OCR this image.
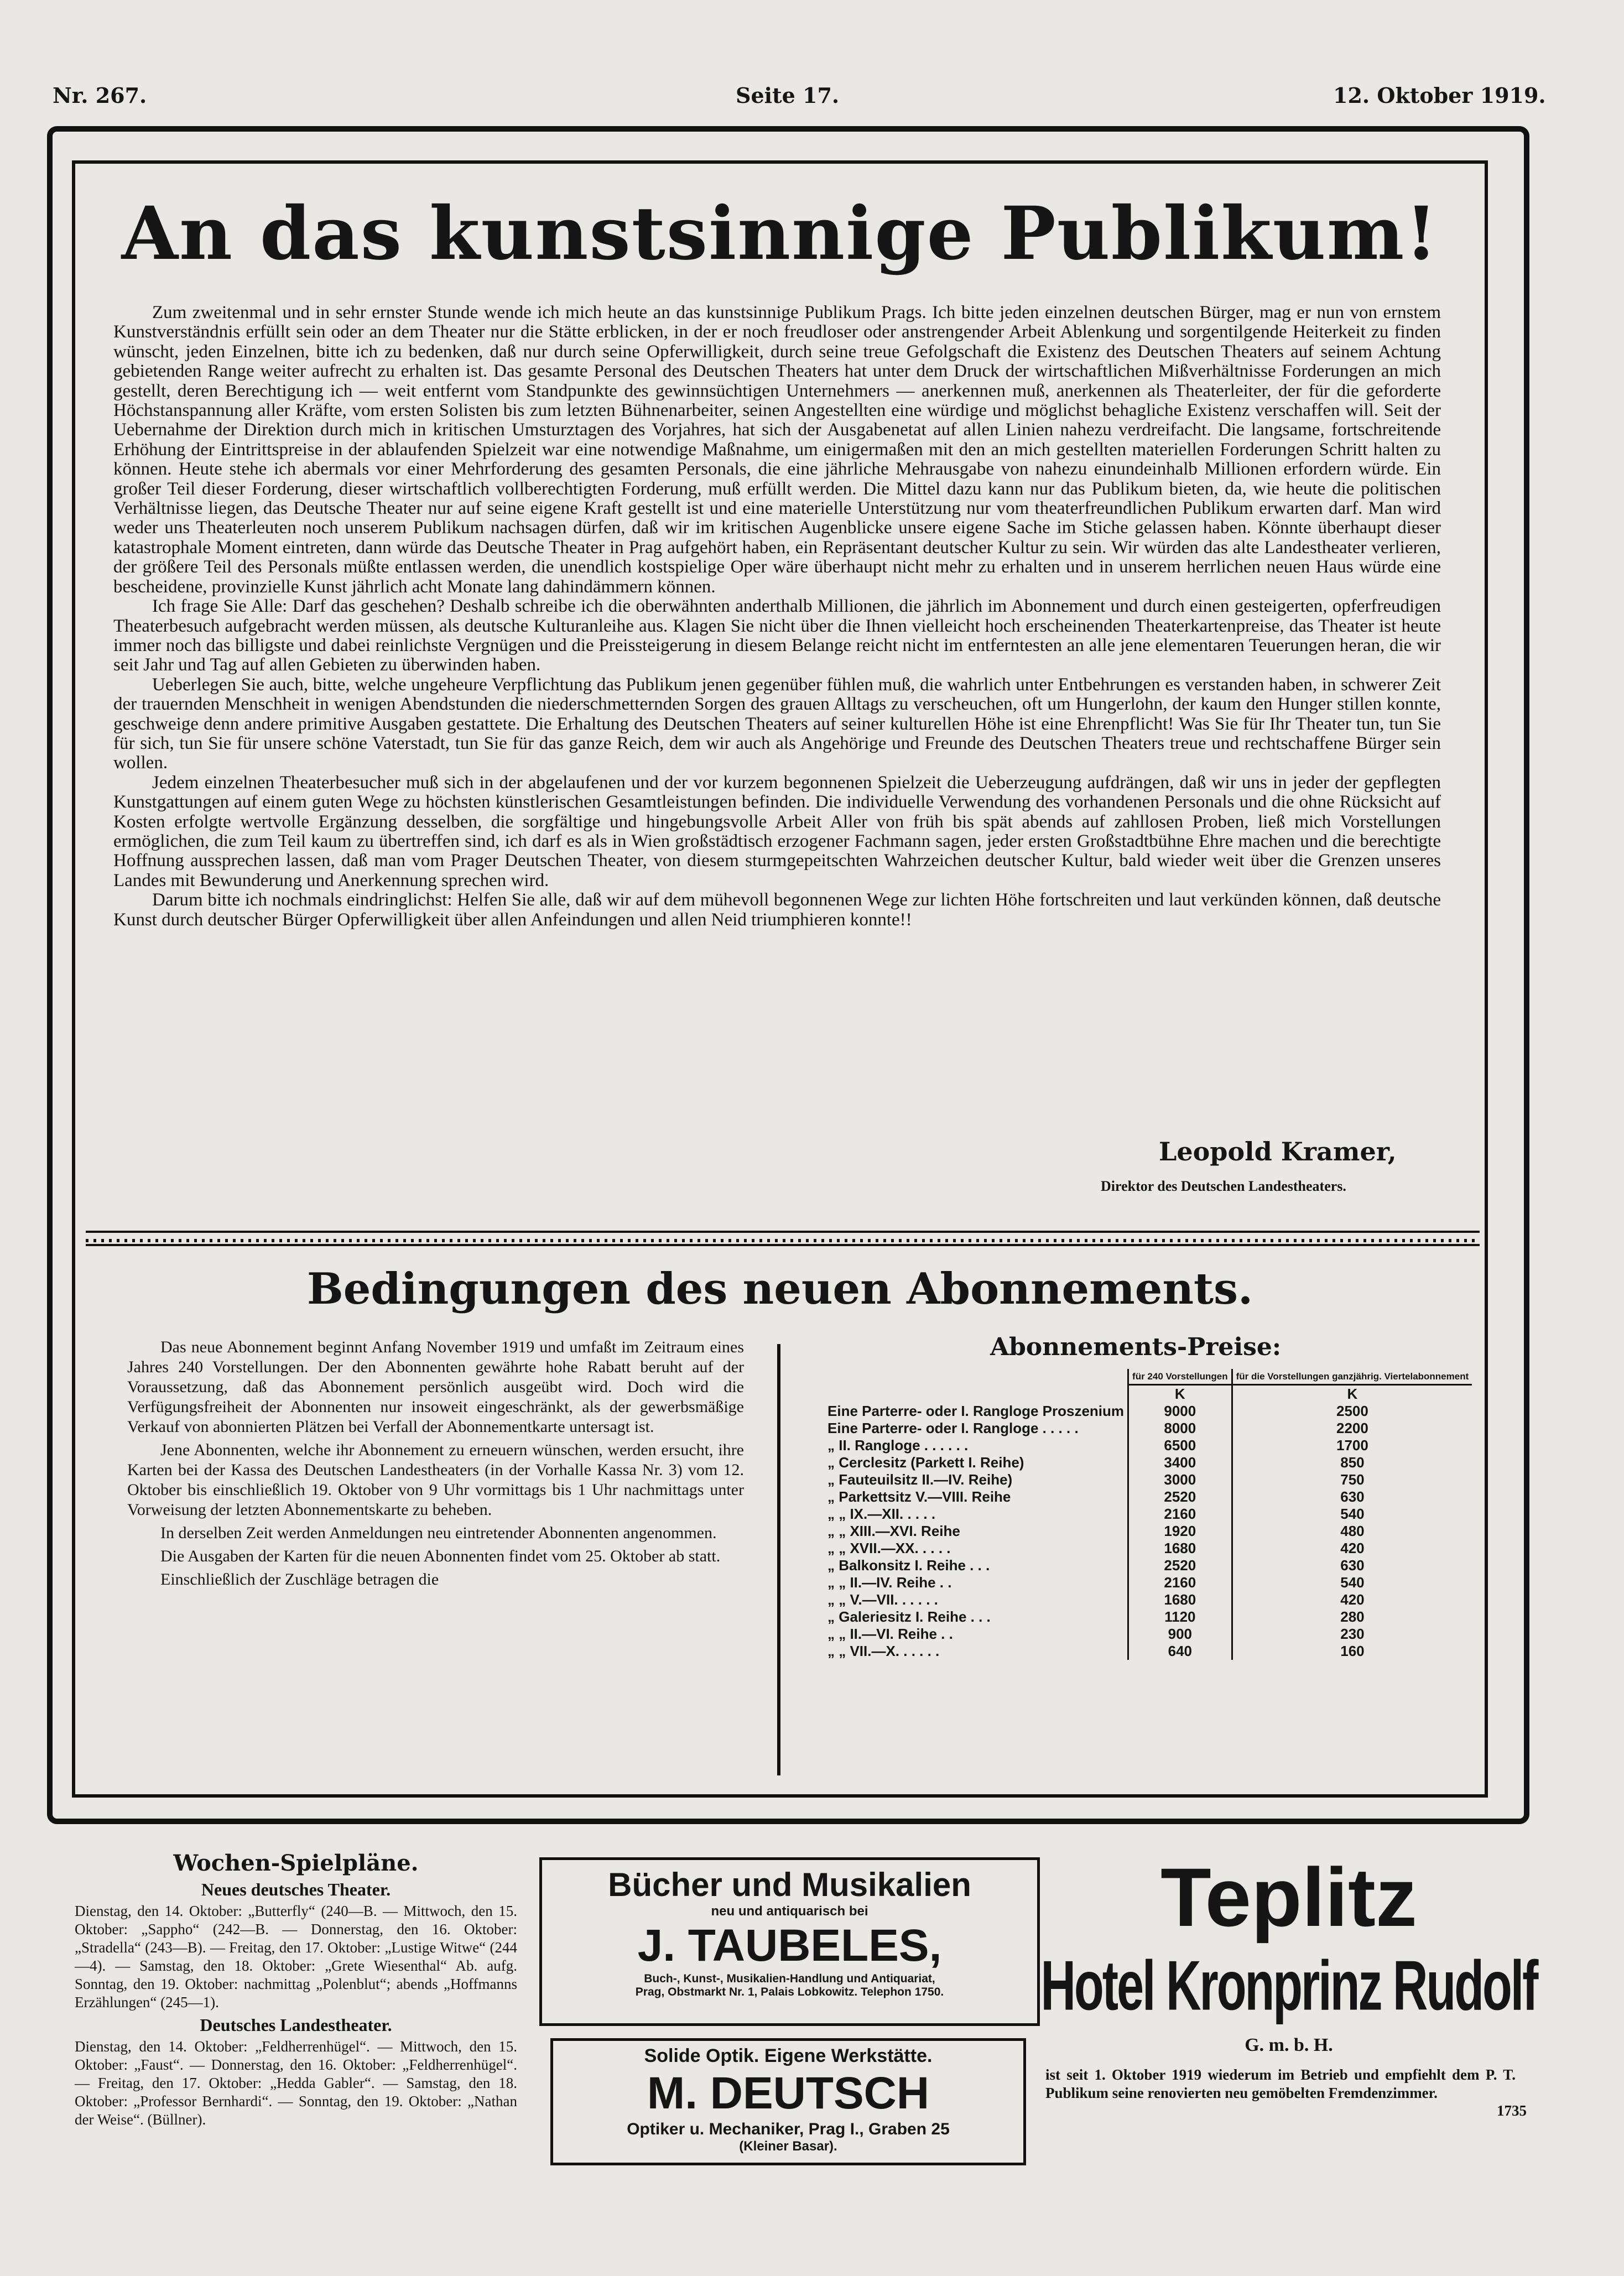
Nr. 267.	Seite 17.	12. Oktober 1919.
An das kunstsinnige Publikum!

Zum zweitenmal und in sehr ernster Stunde wende ich mich heute an das kunstsinnige Publikum Prags. Ich bitte jeden einzelnen deutschen Bürger, mag er nun von ernstem Kunstverständnis erfüllt sein oder an dem Theater nur die Stätte erblicken, in der er noch freudloser oder anstrengender Arbeit Ablenkung und sorgentilgende Heiterkeit zu finden wünscht, jeden Einzelnen, bitte ich zu bedenken, daß nur durch seine Opferwilligkeit, durch seine treue Gefolgschaft die Existenz des Deutschen Theaters auf seinem Achtung gebietenden Range weiter aufrecht zu erhalten ist. Das gesamte Personal des Deutschen Theaters hat unter dem Druck der wirtschaftlichen Mißverhältnisse Forderungen an mich gestellt, deren Berechtigung ich — weit entfernt vom Standpunkte des gewinnsüchtigen Unternehmers — anerkennen muß, anerkennen als Theaterleiter, der für die geforderte Höchstanspannung aller Kräfte, vom ersten Solisten bis zum letzten Bühnenarbeiter, seinen Angestellten eine würdige und möglichst behagliche Existenz verschaffen will. Seit der Uebernahme der Direktion durch mich in kritischen Umsturztagen des Vorjahres, hat sich der Ausgabenetat auf allen Linien nahezu verdreifacht. Die langsame, fortschreitende Erhöhung der Eintrittspreise in der ablaufenden Spielzeit war eine notwendige Maßnahme, um einigermaßen mit den an mich gestellten materiellen Forderungen Schritt halten zu können. Heute stehe ich abermals vor einer Mehrforderung des gesamten Personals, die eine jährliche Mehrausgabe von nahezu einundeinhalb Millionen erfordern würde. Ein großer Teil dieser Forderung, dieser wirtschaftlich vollberechtigten Forderung, muß erfüllt werden. Die Mittel dazu kann nur das Publikum bieten, da, wie heute die politischen Verhältnisse liegen, das Deutsche Theater nur auf seine eigene Kraft gestellt ist und eine materielle Unterstützung nur vom theaterfreundlichen Publikum erwarten darf. Man wird weder uns Theaterleuten noch unserem Publikum nachsagen dürfen, daß wir im kritischen Augenblicke unsere eigene Sache im Stiche gelassen haben. Könnte überhaupt dieser katastrophale Moment eintreten, dann würde das Deutsche Theater in Prag aufgehört haben, ein Repräsentant deutscher Kultur zu sein. Wir würden das alte Landestheater verlieren, der größere Teil des Personals müßte entlassen werden, die unendlich kostspielige Oper wäre überhaupt nicht mehr zu erhalten und in unserem herrlichen neuen Haus würde eine bescheidene, provinzielle Kunst jährlich acht Monate lang dahindämmern können.

Ich frage Sie Alle: Darf das geschehen? Deshalb schreibe ich die oberwähnten anderthalb Millionen, die jährlich im Abonnement und durch einen gesteigerten, opferfreudigen Theaterbesuch aufgebracht werden müssen, als deutsche Kulturanleihe aus. Klagen Sie nicht über die Ihnen vielleicht hoch erscheinenden Theaterkartenpreise, das Theater ist heute immer noch das billigste und dabei reinlichste Vergnügen und die Preissteigerung in diesem Belange reicht nicht im entferntesten an alle jene elementaren Teuerungen heran, die wir seit Jahr und Tag auf allen Gebieten zu überwinden haben.

Ueberlegen Sie auch, bitte, welche ungeheure Verpflichtung das Publikum jenen gegenüber fühlen muß, die wahrlich unter Entbehrungen es verstanden haben, in schwerer Zeit der trauernden Menschheit in wenigen Abendstunden die niederschmetternden Sorgen des grauen Alltags zu verscheuchen, oft um Hungerlohn, der kaum den Hunger stillen konnte, geschweige denn andere primitive Ausgaben gestattete. Die Erhaltung des Deutschen Theaters auf seiner kulturellen Höhe ist eine Ehrenpflicht! Was Sie für Ihr Theater tun, tun Sie für sich, tun Sie für unsere schöne Vaterstadt, tun Sie für das ganze Reich, dem wir auch als Angehörige und Freunde des Deutschen Theaters treue und rechtschaffene Bürger sein wollen.

Jedem einzelnen Theaterbesucher muß sich in der abgelaufenen und der vor kurzem begonnenen Spielzeit die Ueberzeugung aufdrängen, daß wir uns in jeder der gepflegten Kunstgattungen auf einem guten Wege zu höchsten künstlerischen Gesamtleistungen befinden. Die individuelle Verwendung des vorhandenen Personals und die ohne Rücksicht auf Kosten erfolgte wertvolle Ergänzung desselben, die sorgfältige und hingebungsvolle Arbeit Aller von früh bis spät abends auf zahllosen Proben, ließ mich Vorstellungen ermöglichen, die zum Teil kaum zu übertreffen sind, ich darf es als in Wien großstädtisch erzogener Fachmann sagen, jeder ersten Großstadtbühne Ehre machen und die berechtigte Hoffnung aussprechen lassen, daß man vom Prager Deutschen Theater, von diesem sturmgepeitschten Wahrzeichen deutscher Kultur, bald wieder weit über die Grenzen unseres Landes mit Bewunderung und Anerkennung sprechen wird.

Darum bitte ich nochmals eindringlichst: Helfen Sie alle, daß wir auf dem mühevoll begonnenen Wege zur lichten Höhe fortschreiten und laut verkünden können, daß deutsche Kunst durch deutscher Bürger Opferwilligkeit über allen Anfeindungen und allen Neid triumphieren konnte!!

Leopold Kramer,
Direktor des Deutschen Landestheaters.
Bedingungen des neuen Abonnements.

Das neue Abonnement beginnt Anfang November 1919 und umfaßt im Zeitraum eines Jahres 240 Vorstellungen. Der den Abonnenten gewährte hohe Rabatt beruht auf der Voraussetzung, daß das Abonnement persönlich ausgeübt wird. Doch wird die Verfügungsfreiheit der Abonnenten nur insoweit eingeschränkt, als der gewerbsmäßige Verkauf von abonnierten Plätzen bei Verfall der Abonnementkarte untersagt ist.

Jene Abonnenten, welche ihr Abonnement zu erneuern wünschen, werden ersucht, ihre Karten bei der Kassa des Deutschen Landestheaters (in der Vorhalle Kassa Nr. 3) vom 12. Oktober bis einschließlich 19. Oktober von 9 Uhr vormittags bis 1 Uhr nachmittags unter Vorweisung der letzten Abonnementskarte zu beheben.

In derselben Zeit werden Anmeldungen neu eintretender Abonnenten angenommen.

Die Ausgaben der Karten für die neuen Abonnenten findet vom 25. Oktober ab statt.

Einschließlich der Zuschläge betragen die

Abonnements-Preise:
	für 240 Vorstellungen	für die Vorstellungen ganzjährig. Viertelabonnement
	K	K
Eine Parterre- oder I. Rangloge Proszenium	9000	2500
Eine Parterre- oder I. Rangloge . . . . .	8000	2200
„ II. Rangloge . . . . . .	6500	1700
„ Cerclesitz (Parkett I. Reihe)	3400	850
„ Fauteuilsitz II.—IV. Reihe)	3000	750
„ Parkettsitz V.—VIII. Reihe	2520	630
„ „ IX.—XII. . . . .	2160	540
„ „ XIII.—XVI. Reihe	1920	480
„ „ XVII.—XX. . . . .	1680	420
„ Balkonsitz I. Reihe . . .	2520	630
„ „ II.—IV. Reihe . .	2160	540
„ „ V.—VII. . . . . .	1680	420
„ Galeriesitz I. Reihe . . .	1120	280
„ „ II.—VI. Reihe . .	900	230
„ „ VII.—X. . . . . .	640	160
Wochen-Spielpläne.
Neues deutsches Theater.
Dienstag, den 14. Oktober: „Butterfly“ (240—B. — Mittwoch, den 15. Oktober: „Sappho“ (242—B. — Donnerstag, den 16. Oktober: „Stradella“ (243—B). — Freitag, den 17. Oktober: „Lustige Witwe“ (244—4). — Samstag, den 18. Oktober: „Grete Wiesenthal“ Ab. aufg. Sonntag, den 19. Oktober: nachmittag „Polenblut“; abends „Hoffmanns Erzählungen“ (245—1).
Deutsches Landestheater.
Dienstag, den 14. Oktober: „Feldherrenhügel“. — Mittwoch, den 15. Oktober: „Faust“. — Donnerstag, den 16. Oktober: „Feldherrenhügel“. — Freitag, den 17. Oktober: „Hedda Gabler“. — Samstag, den 18. Oktober: „Professor Bernhardi“. — Sonntag, den 19. Oktober: „Nathan der Weise“. (Büllner).
Bücher und Musikalien
neu und antiquarisch bei
J. TAUBELES,
Buch-, Kunst-, Musikalien-Handlung und Antiquariat,
Prag, Obstmarkt Nr. 1, Palais Lobkowitz. Telephon 1750.
Solide Optik. Eigene Werkstätte.
M. DEUTSCH
Optiker u. Mechaniker, Prag I., Graben 25
(Kleiner Basar).
Teplitz
Hotel Kronprinz Rudolf
G. m. b. H.
ist seit 1. Oktober 1919 wiederum im Betrieb und empfiehlt dem P. T. Publikum seine renovierten neu gemöbelten Fremdenzimmer.
1735
